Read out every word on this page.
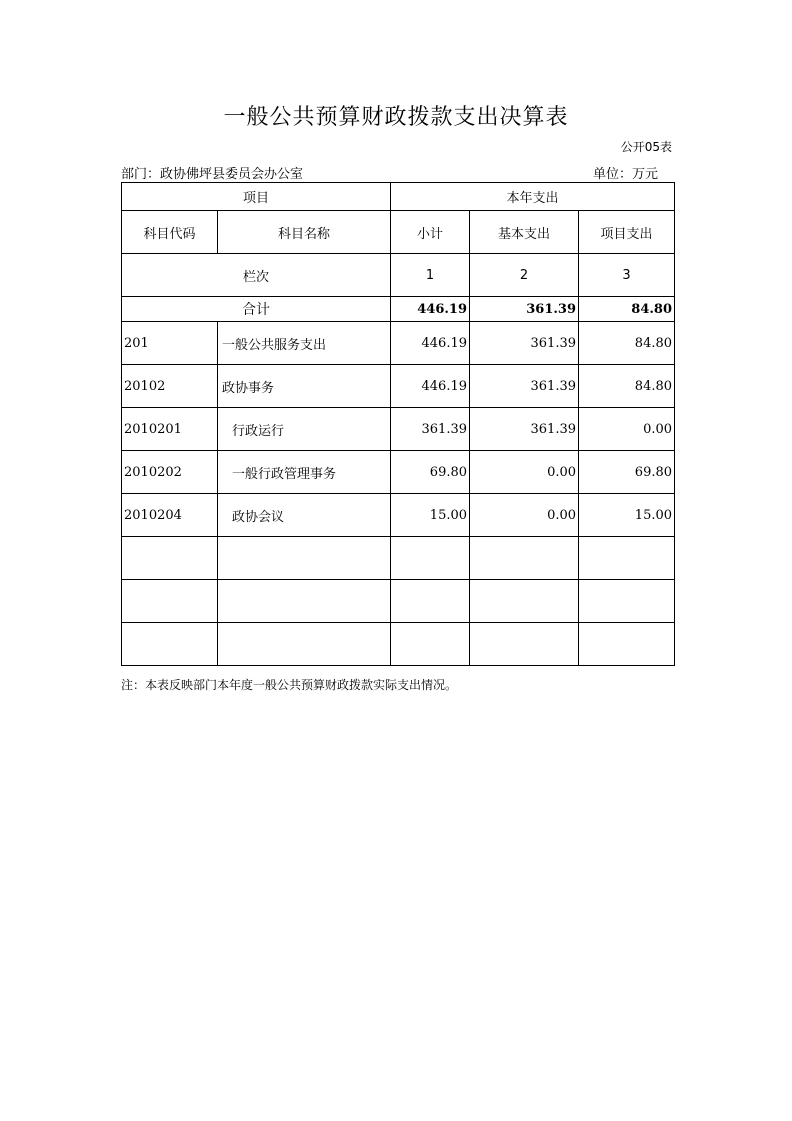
一般公共预算财政拨款支出决算表
公开05表
部门：政协佛坪县委员会办公室	单位：万元
项目		本年支出		
科目代码	科目名称	小计	基本支出	项目支出
栏次		1	2	3
合计		446.19	361.39	84.80
201	一般公共服务支出	446.19	361.39	84.80
20102	政协事务	446.19	361.39	84.80
2010201	行政运行	361.39	361.39	0.00
2010202	一般行政管理事务	69.80	0.00	69.80
2010204	政协会议	15.00	0.00	15.00

注：本表反映部门本年度一般公共预算财政拨款实际支出情况。
